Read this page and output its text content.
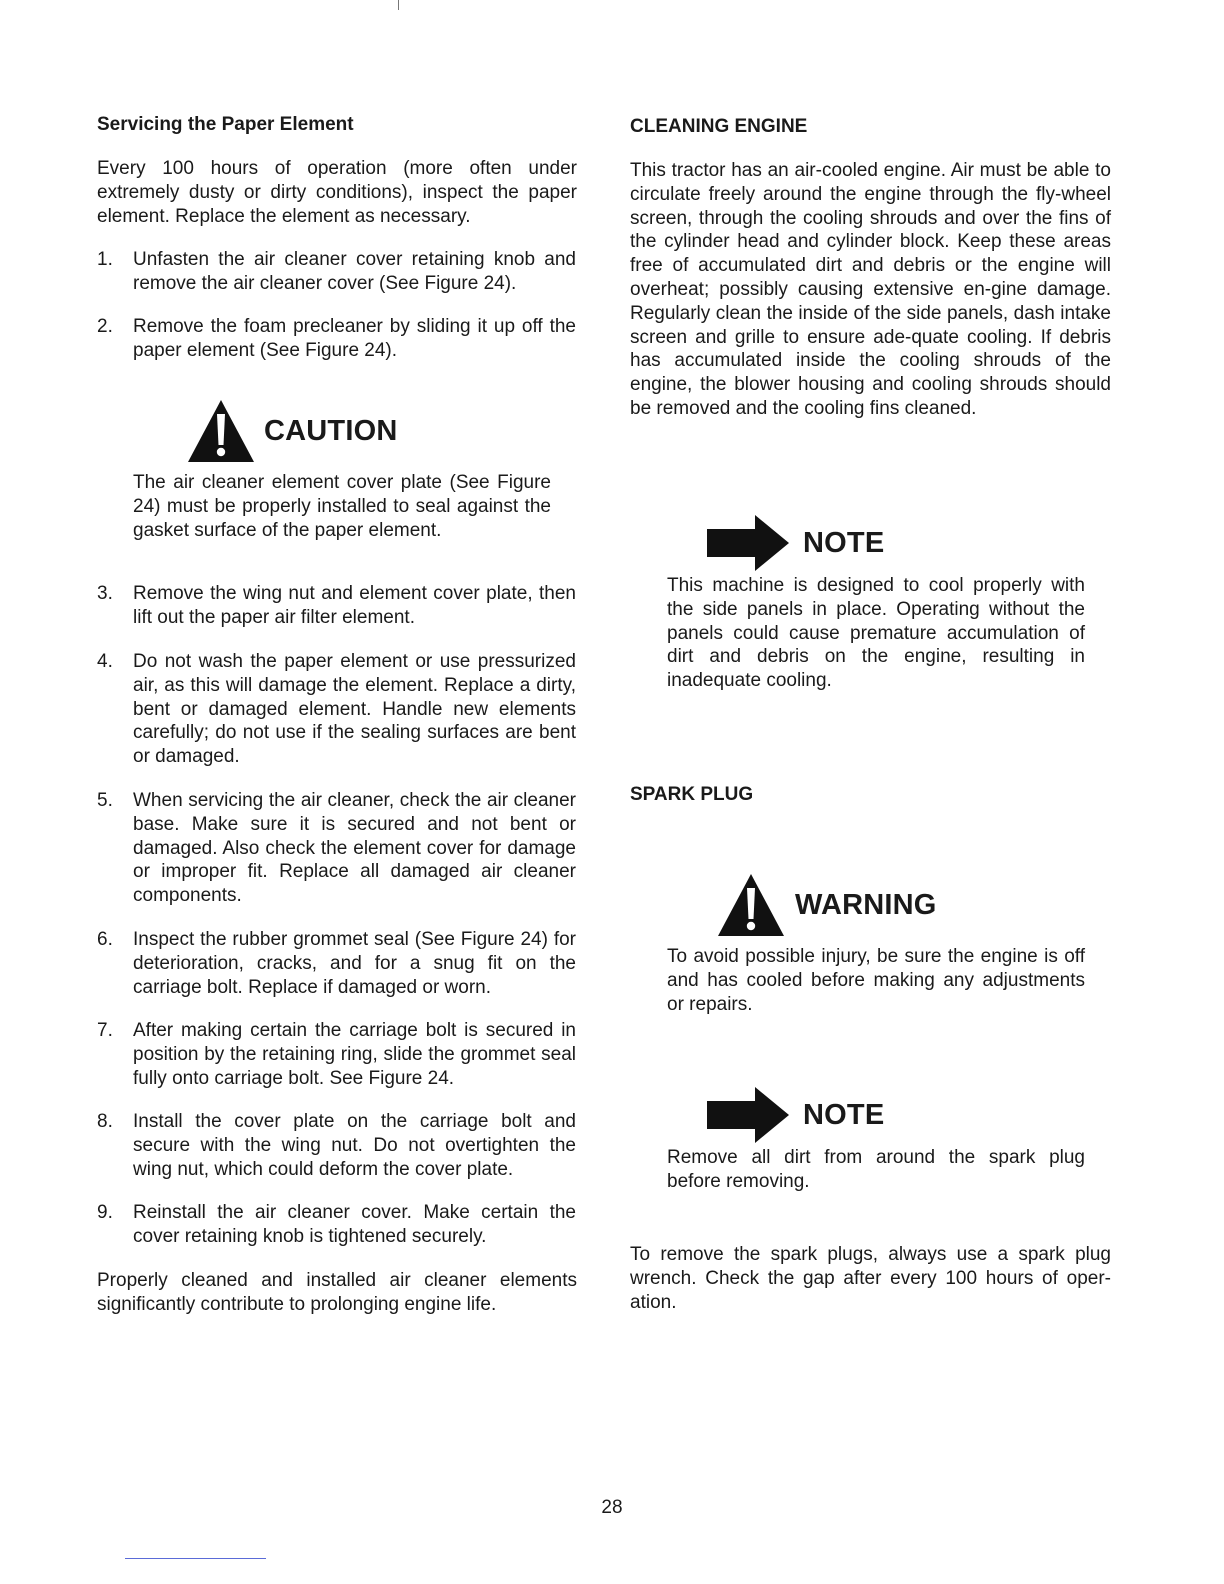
Servicing the Paper Element

Every 100 hours of operation (more often under extremely dusty or dirty conditions), inspect the paper element. Replace the element as necessary.

1.	Unfasten the air cleaner cover retaining knob and remove the air cleaner cover (See Figure 24).
2.	Remove the foam precleaner by sliding it up off the paper element (See Figure 24).
CAUTION
The air cleaner element cover plate (See Figure 24) must be properly installed to seal against the gasket surface of the paper element.
3.	Remove the wing nut and element cover plate, then lift out the paper air filter element.
4.	Do not wash the paper element or use pressurized air, as this will damage the element. Replace a dirty, bent or damaged element. Handle new elements carefully; do not use if the sealing surfaces are bent or damaged.
5.	When servicing the air cleaner, check the air cleaner base. Make sure it is secured and not bent or damaged. Also check the element cover for damage or improper fit. Replace all damaged air cleaner components.
6.	Inspect the rubber grommet seal (See Figure 24) for deterioration, cracks, and for a snug fit on the carriage bolt. Replace if damaged or worn.
7.	After making certain the carriage bolt is secured in position by the retaining ring, slide the grommet seal fully onto carriage bolt. See Figure 24.
8.	Install the cover plate on the carriage bolt and secure with the wing nut. Do not overtighten the wing nut, which could deform the cover plate.
9.	Reinstall the air cleaner cover. Make certain the cover retaining knob is tightened securely.

Properly cleaned and installed air cleaner elements significantly contribute to prolonging engine life.

CLEANING ENGINE

This tractor has an air-cooled engine. Air must be able to circulate freely around the engine through the fly-wheel screen, through the cooling shrouds and over the fins of the cylinder head and cylinder block. Keep these areas free of accumulated dirt and debris or the engine will overheat; possibly causing extensive en-gine damage. Regularly clean the inside of the side panels, dash intake screen and grille to ensure ade-quate cooling. If debris has accumulated inside the cooling shrouds of the engine, the blower housing and cooling shrouds should be removed and the cooling fins cleaned.

NOTE
This machine is designed to cool properly with the side panels in place. Operating without the panels could cause premature accumulation of dirt and debris on the engine, resulting in inadequate cooling.

SPARK PLUG

WARNING
To avoid possible injury, be sure the engine is off and has cooled before making any adjustments or repairs.
NOTE
Remove all dirt from around the spark plug before removing.

To remove the spark plugs, always use a spark plug wrench. Check the gap after every 100 hours of oper-ation.

28
